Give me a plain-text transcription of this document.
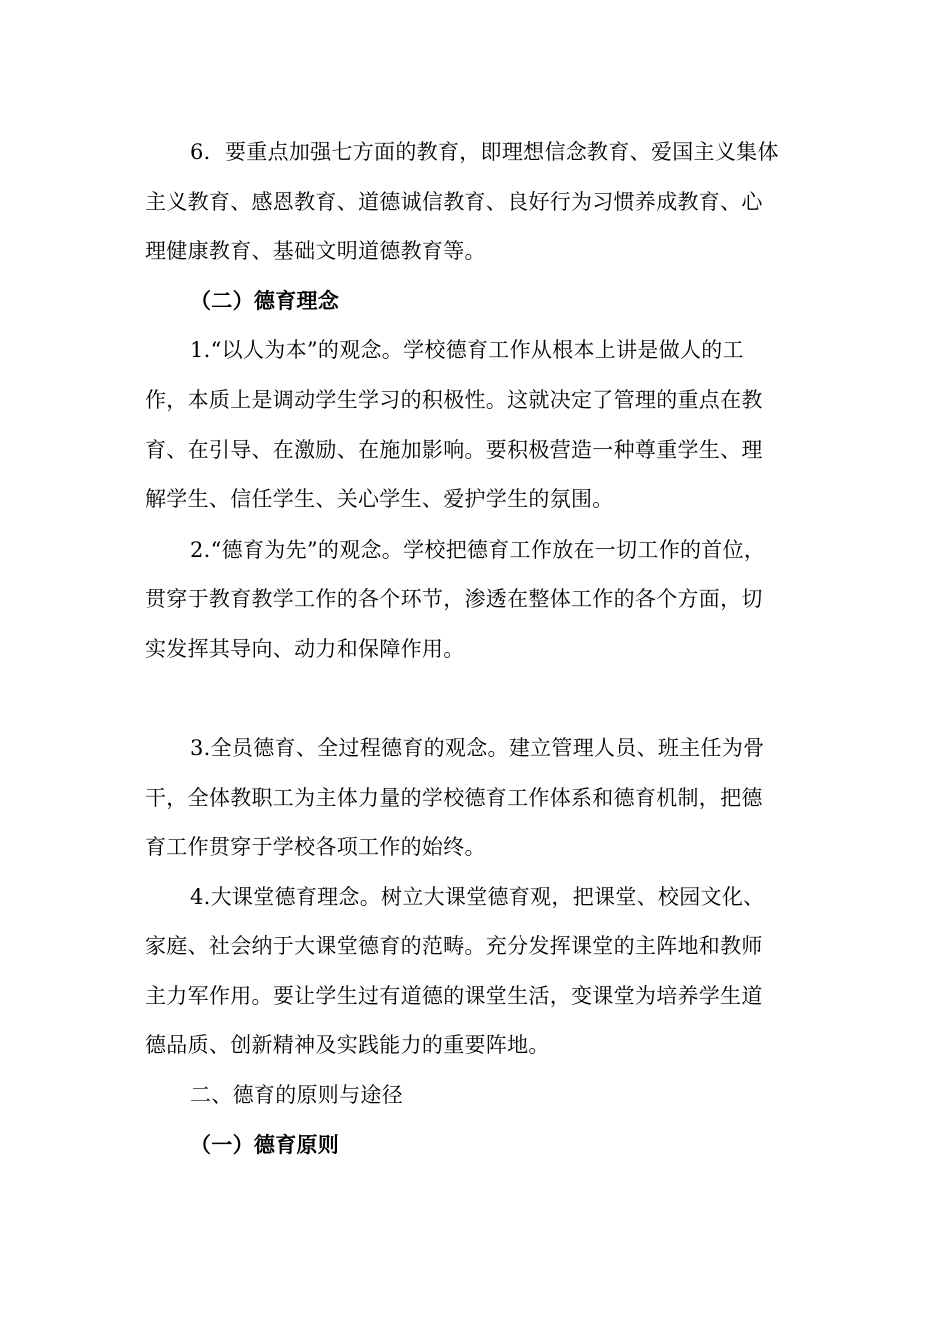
6．要重点加强七方面的教育，即理想信念教育、爱国主义集体
主义教育、感恩教育、道德诚信教育、良好行为习惯养成教育、心
理健康教育、基础文明道德教育等。
（二）德育理念
1.“以人为本”的观念。学校德育工作从根本上讲是做人的工
作，本质上是调动学生学习的积极性。这就决定了管理的重点在教
育、在引导、在激励、在施加影响。要积极营造一种尊重学生、理
解学生、信任学生、关心学生、爱护学生的氛围。
2.“德育为先”的观念。学校把德育工作放在一切工作的首位，
贯穿于教育教学工作的各个环节，渗透在整体工作的各个方面，切
实发挥其导向、动力和保障作用。
3.全员德育、全过程德育的观念。建立管理人员、班主任为骨
干，全体教职工为主体力量的学校德育工作体系和德育机制，把德
育工作贯穿于学校各项工作的始终。
4.大课堂德育理念。树立大课堂德育观，把课堂、校园文化、
家庭、社会纳于大课堂德育的范畴。充分发挥课堂的主阵地和教师
主力军作用。要让学生过有道德的课堂生活，变课堂为培养学生道
德品质、创新精神及实践能力的重要阵地。
二、德育的原则与途径
（一）德育原则
